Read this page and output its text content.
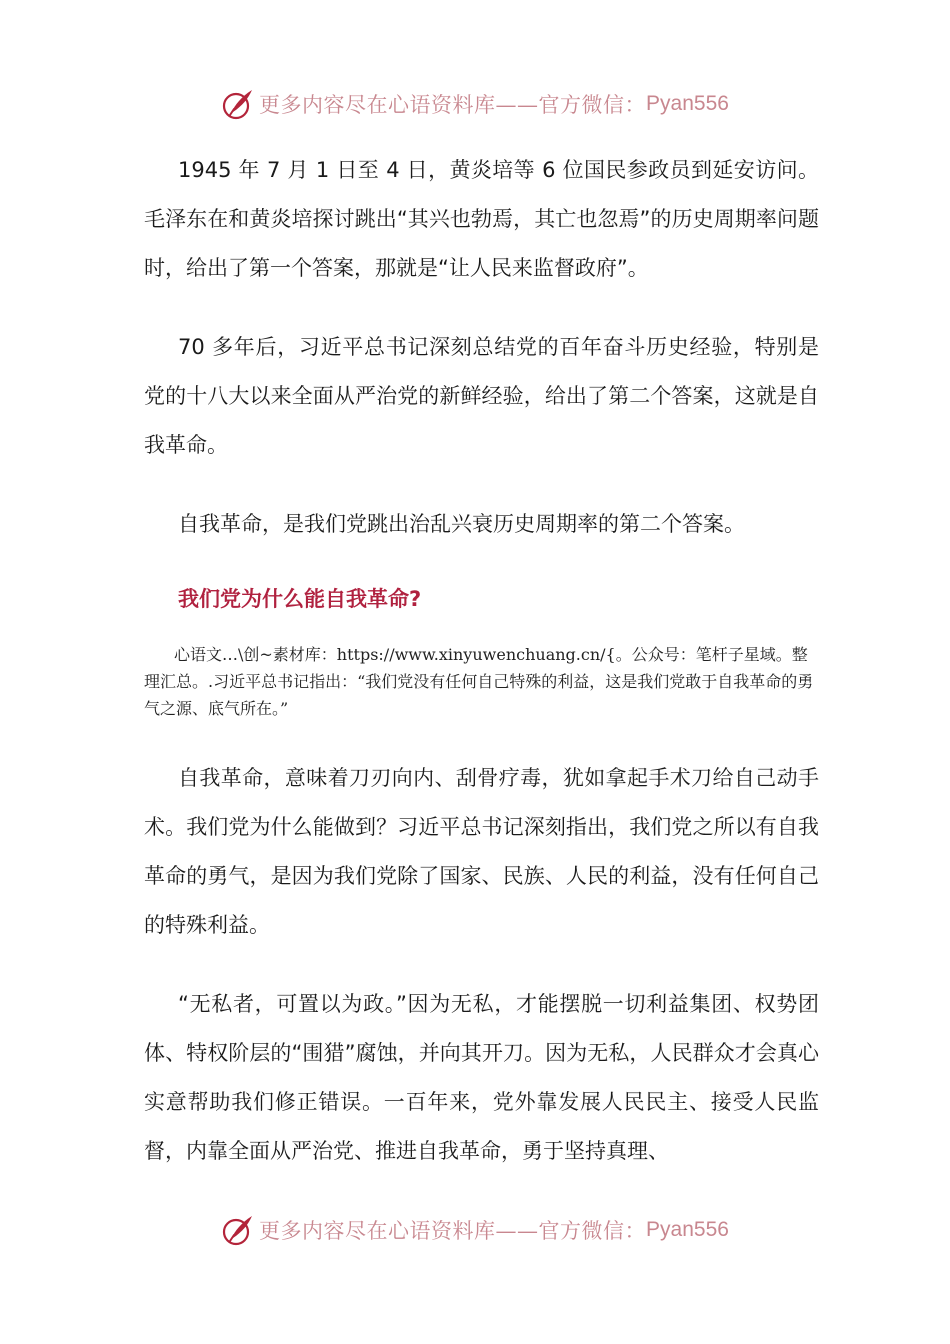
更多内容尽在心语资料库——官方微信： Pyan556

1945 年 7 月 1 日至 4 日，黄炎培等 6 位国民参政员到延安访问。毛泽东在和黄炎培探讨跳出“其兴也勃焉，其亡也忽焉”的历史周期率问题时，给出了第一个答案，那就是“让人民来监督政府”。

70 多年后，习近平总书记深刻总结党的百年奋斗历史经验，特别是党的十八大以来全面从严治党的新鲜经验，给出了第二个答案，这就是自我革命。

自我革命，是我们党跳出治乱兴衰历史周期率的第二个答案。

我们党为什么能自我革命?

心语文…\创~素材库：https://www.xinyuwenchuang.cn/{。公众号：笔杆子星域。整理汇总。.习近平总书记指出：“我们党没有任何自己特殊的利益，这是我们党敢于自我革命的勇气之源、底气所在。”

自我革命，意味着刀刃向内、刮骨疗毒，犹如拿起手术刀给自己动手术。我们党为什么能做到？习近平总书记深刻指出，我们党之所以有自我革命的勇气，是因为我们党除了国家、民族、人民的利益，没有任何自己的特殊利益。

“无私者，可置以为政。”因为无私，才能摆脱一切利益集团、权势团体、特权阶层的“围猎”腐蚀，并向其开刀。因为无私，人民群众才会真心实意帮助我们修正错误。一百年来，党外靠发展人民民主、接受人民监督，内靠全面从严治党、推进自我革命，勇于坚持真理、

更多内容尽在心语资料库——官方微信： Pyan556
